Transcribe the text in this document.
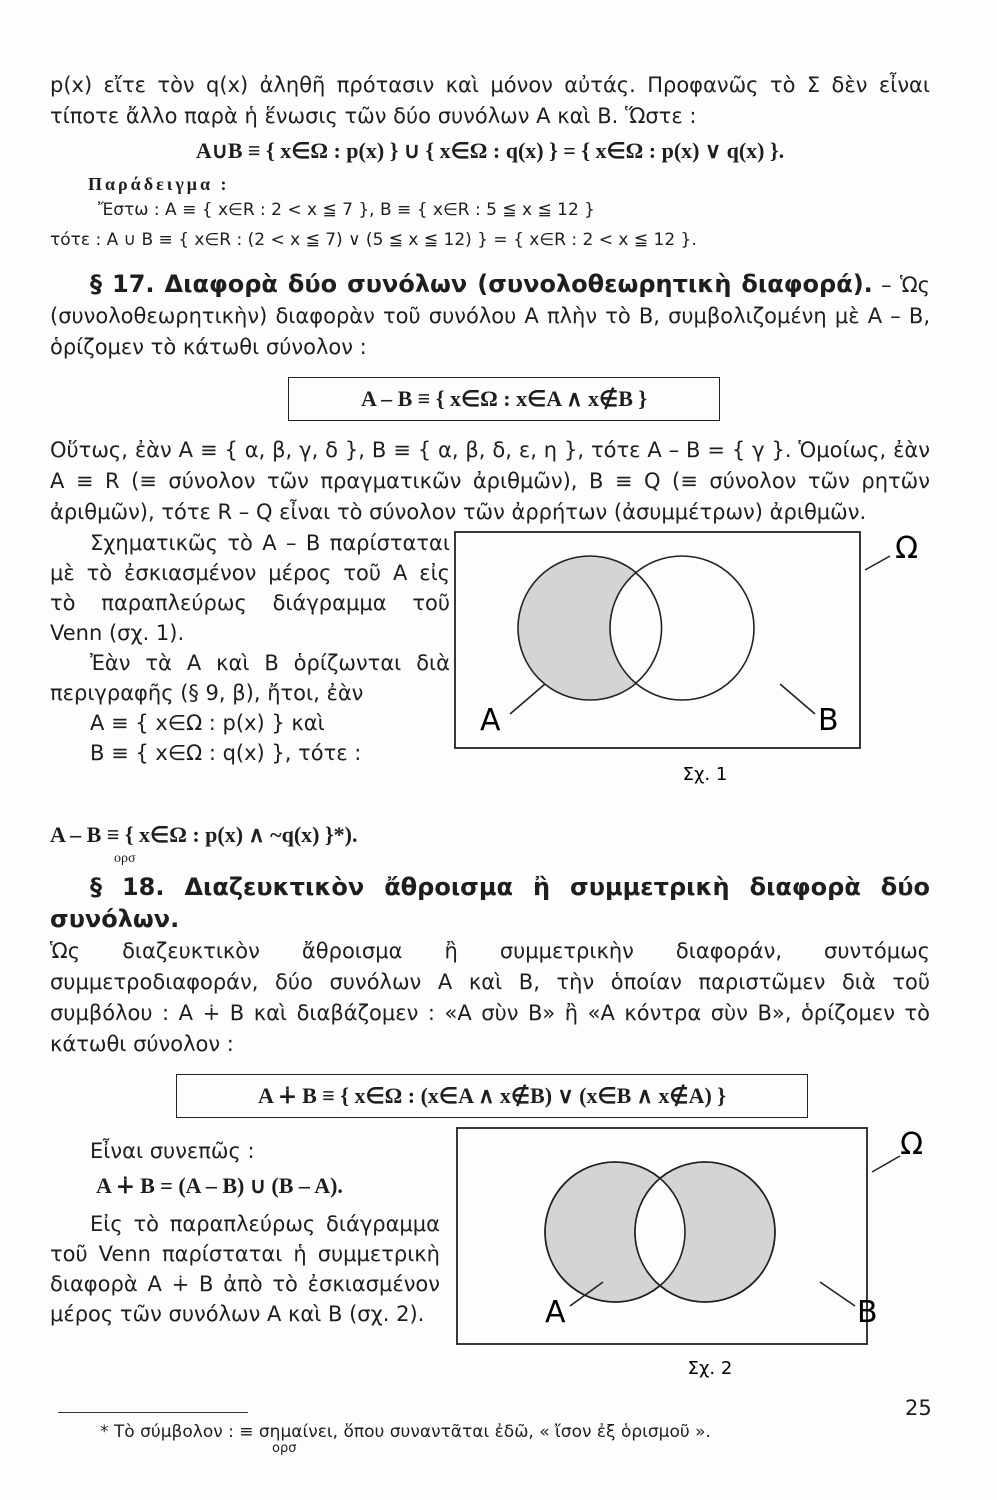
p(x) εἴτε τὸν q(x) ἀληθῆ πρότασιν καὶ μόνον αὐτάς. Προφανῶς τὸ Σ δὲν εἶναι τίποτε ἄλλο παρὰ ἡ ἕνωσις τῶν δύο συνόλων Α καὶ Β. Ὥστε :

A∪B ≡ { x∈Ω : p(x) } ∪ { x∈Ω : q(x) } = { x∈Ω : p(x) ∨ q(x) }.
Παράδειγμα :
Ἔστω : A ≡ { x∈R : 2 < x ≦ 7 }, B ≡ { x∈R : 5 ≦ x ≦ 12 }
τότε : A ∪ B ≡ { x∈R : (2 < x ≦ 7) ∨ (5 ≦ x ≦ 12) } = { x∈R : 2 < x ≦ 12 }.

§ 17. Διαφορὰ δύο συνόλων (συνολοθεωρητικὴ διαφορά). – Ὡς (συνολοθεωρητικὴν) διαφορὰν τοῦ συνόλου Α πλὴν τὸ Β, συμβολιζομένη μὲ Α – Β, ὁρίζομεν τὸ κάτωθι σύνολον :

A – B ≡ { x∈Ω : x∈A ∧ x∉B }

Οὕτως, ἐὰν Α ≡ { α, β, γ, δ }, Β ≡ { α, β, δ, ε, η }, τότε Α – Β = { γ }. Ὁμοίως, ἐὰν Α ≡ R (≡ σύνολον τῶν πραγματικῶν ἀριθμῶν), Β ≡ Q (≡ σύνολον τῶν ρητῶν ἀριθμῶν), τότε R – Q εἶναι τὸ σύνολον τῶν ἀρρήτων (ἀσυμμέτρων) ἀριθμῶν.

Σχηματικῶς τὸ Α – Β παρίσταται μὲ τὸ ἐσκιασμένον μέρος τοῦ Α εἰς τὸ παραπλεύρως διάγραμμα τοῦ Venn (σχ. 1).

Ἐὰν τὰ Α καὶ Β ὁρίζωνται διὰ περιγραφῆς (§ 9, β), ἤτοι, ἐὰν

Α ≡ { x∈Ω : p(x) } καὶ

Β ≡ { x∈Ω : q(x) }, τότε :

Ω
A	B
Σχ. 1
A – B ≡ { x∈Ω : p(x) ∧ ~q(x) }*).
ορσ

§ 18. Διαζευκτικὸν ἄθροισμα ἢ συμμετρικὴ διαφορὰ δύο συνόλων.

Ὡς διαζευκτικὸν ἄθροισμα ἢ συμμετρικὴν διαφοράν, συντόμως συμμετροδιαφοράν, δύο συνόλων Α καὶ Β, τὴν ὁποίαν παριστῶμεν διὰ τοῦ συμβόλου : Α ∔ Β καὶ διαβάζομεν : «Α σὺν Β» ἢ «Α κόντρα σὺν Β», ὁρίζομεν τὸ κάτωθι σύνολον :

A ∔ B ≡ { x∈Ω : (x∈A ∧ x∉B) ∨ (x∈B ∧ x∉A) }

Εἶναι συνεπῶς :

A ∔ B = (A – B) ∪ (B – A).

Εἰς τὸ παραπλεύρως διάγραμμα τοῦ Venn παρίσταται ἡ συμμετρικὴ διαφορὰ Α ∔ Β ἀπὸ τὸ ἐσκιασμένον μέρος τῶν συνόλων Α καὶ Β (σχ. 2).

Ω
A	B
Σχ. 2
* Τὸ σύμβολον : ≡ σημαίνει, ὅπου συναντᾶται ἐδῶ, « ἴσον ἐξ ὁρισμοῦ ».
ορσ
25
